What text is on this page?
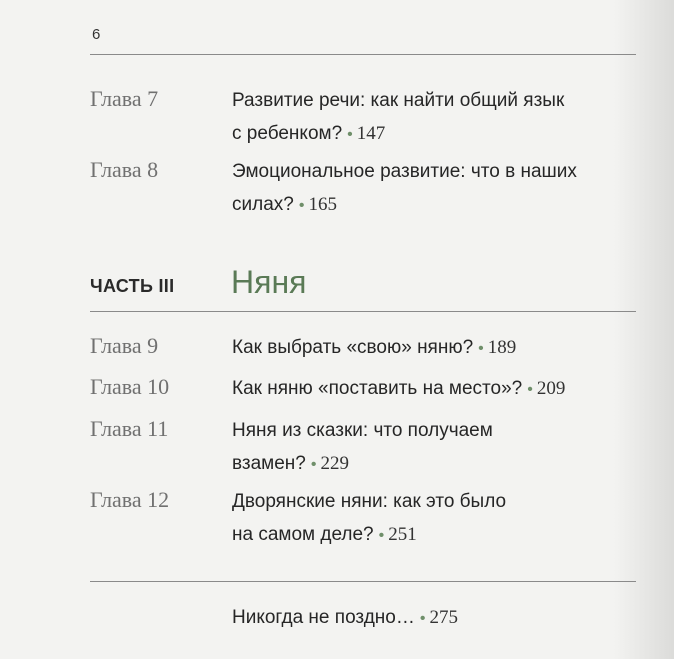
6
Глава 7	Развитие речи: как найти общий язык
с ребенком? • 147
Глава 8	Эмоциональное развитие: что в наших
силах? • 165
ЧАСТЬ III Няня
Глава 9	Как выбрать «свою» няню? • 189
Глава 10	Как няню «поставить на место»? • 209
Глава 11	Няня из сказки: что получаем
взамен? • 229
Глава 12	Дворянские няни: как это было
на самом деле? • 251
Никогда не поздно… • 275
